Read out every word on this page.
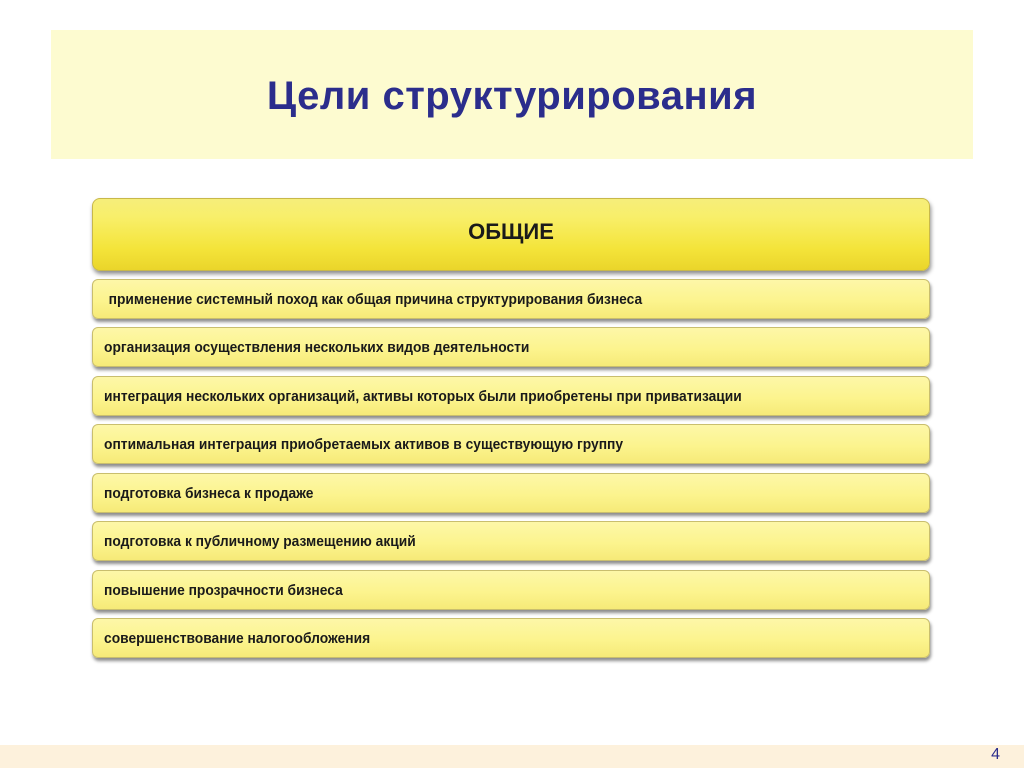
Цели структурирования
ОБЩИЕ
применение системный поход как общая причина структурирования бизнеса
организация осуществления нескольких видов деятельности
интеграция нескольких организаций, активы которых были приобретены при приватизации
оптимальная интеграция приобретаемых активов в существующую группу
подготовка бизнеса к продаже
подготовка к публичному размещению акций
повышение прозрачности бизнеса
совершенствование налогообложения
4
